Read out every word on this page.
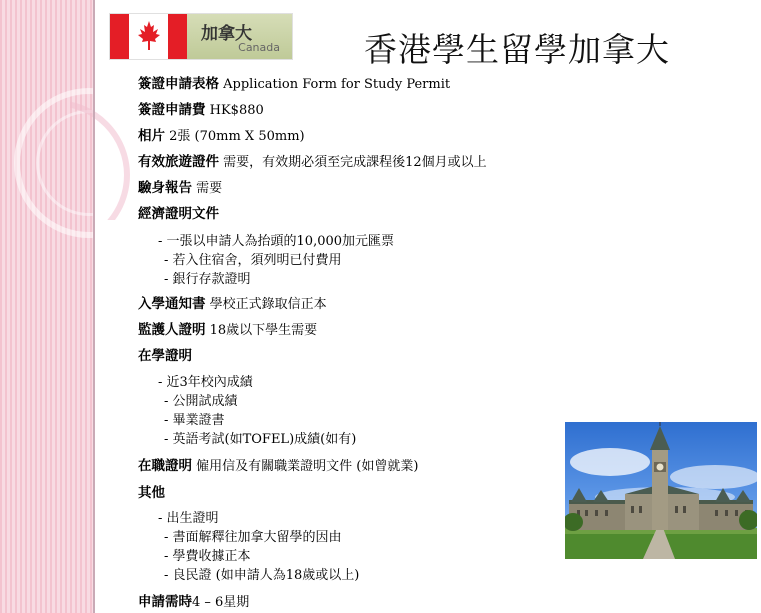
加拿大
Canada	香港學生留學加拿大
簽證申請表格 Application Form for Study Permit
簽證申請費 HK$880
相片 2張 (70mm X 50mm)
有效旅遊證件 需要，有效期必須至完成課程後12個月或以上
驗身報告 需要
經濟證明文件
- 一張以申請人為抬頭的10,000加元匯票
- 若入住宿舍，須列明已付費用
- 銀行存款證明
入學通知書 學校正式錄取信正本
監護人證明 18歲以下學生需要
在學證明
- 近3年校內成績
- 公開試成績
- 畢業證書
- 英語考試(如TOFEL)成績(如有)
在職證明 僱用信及有關職業證明文件 (如曾就業)
其他
- 出生證明
- 書面解釋往加拿大留學的因由
- 學費收據正本
- 良民證 (如申請人為18歲或以上)
申請需時4 – 6星期
